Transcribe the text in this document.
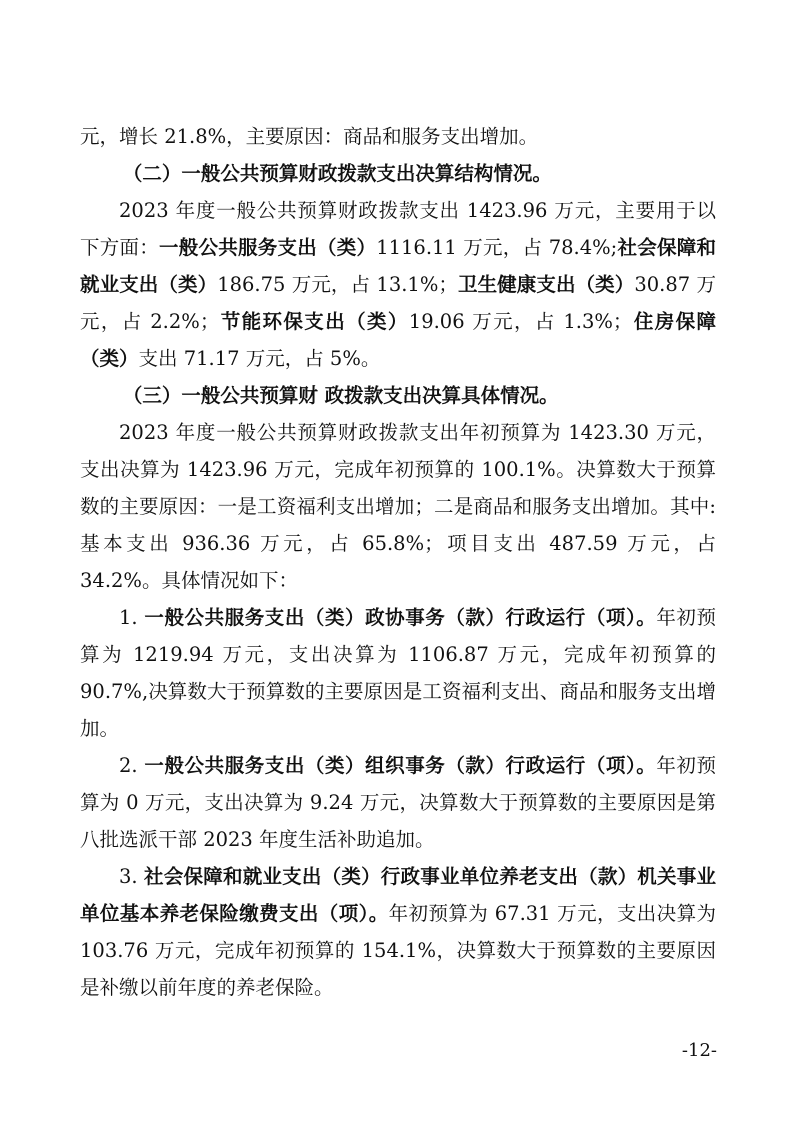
元，增长 21.8%，主要原因：商品和服务支出增加。

（二）一般公共预算财政拨款支出决算结构情况。

2023 年度一般公共预算财政拨款支出 1423.96 万元，主要用于以下方面：一般公共服务支出（类）1116.11 万元，占 78.4%;社会保障和就业支出（类）186.75 万元，占 13.1%；卫生健康支出（类）30.87 万元，占 2.2%；节能环保支出（类）19.06 万元，占 1.3%；住房保障（类）支出 71.17 万元，占 5%。

（三）一般公共预算财 政拨款支出决算具体情况。

2023 年度一般公共预算财政拨款支出年初预算为 1423.30 万元，支出决算为 1423.96 万元，完成年初预算的 100.1%。决算数大于预算数的主要原因：一是工资福利支出增加；二是商品和服务支出增加。其中:基本支出 936.36 万元，占 65.8%；项目支出 487.59 万元，占 34.2%。具体情况如下：

1. 一般公共服务支出（类）政协事务（款）行政运行（项）。年初预算为 1219.94 万元，支出决算为 1106.87 万元，完成年初预算的 90.7%,决算数大于预算数的主要原因是工资福利支出、商品和服务支出增加。

2. 一般公共服务支出（类）组织事务（款）行政运行（项）。年初预算为 0 万元，支出决算为 9.24 万元，决算数大于预算数的主要原因是第八批选派干部 2023 年度生活补助追加。

3. 社会保障和就业支出（类）行政事业单位养老支出（款）机关事业单位基本养老保险缴费支出（项）。年初预算为 67.31 万元，支出决算为 103.76 万元，完成年初预算的 154.1%，决算数大于预算数的主要原因是补缴以前年度的养老保险。

-12-
